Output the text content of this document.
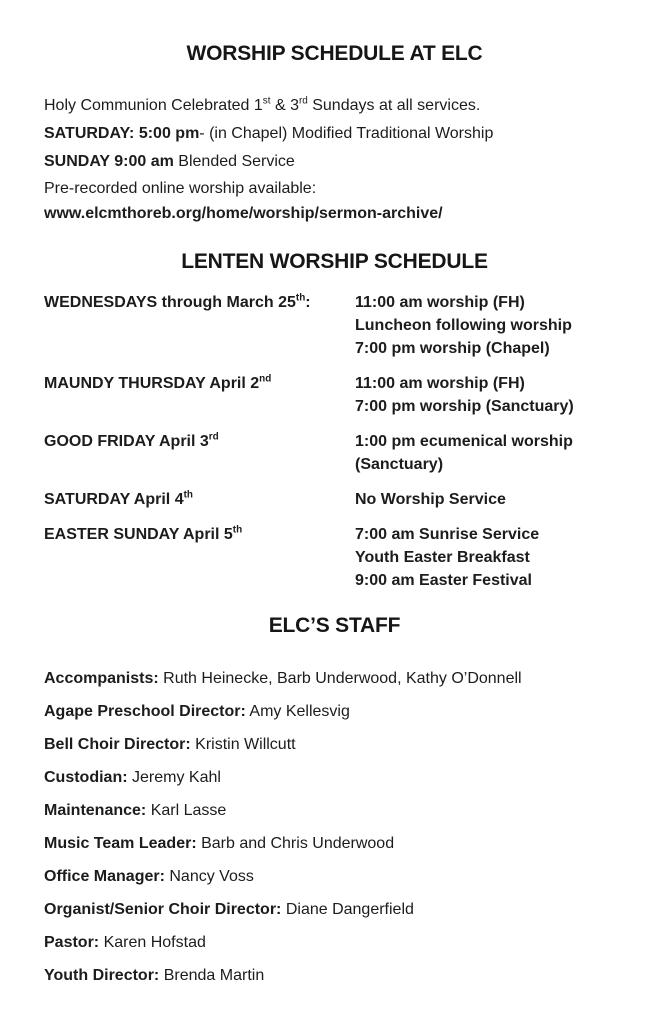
WORSHIP SCHEDULE AT ELC

Holy Communion Celebrated 1st & 3rd Sundays at all services.

SATURDAY: 5:00 pm- (in Chapel) Modified Traditional Worship

SUNDAY 9:00 am Blended Service

Pre-recorded online worship available:

www.elcmthoreb.org/home/worship/sermon-archive/

LENTEN WORSHIP SCHEDULE
WEDNESDAYS through March 25th:	11:00 am worship (FH)
Luncheon following worship
7:00 pm worship (Chapel)
MAUNDY THURSDAY April 2nd	11:00 am worship (FH)
7:00 pm worship (Sanctuary)
GOOD FRIDAY April 3rd	1:00 pm ecumenical worship
(Sanctuary)
SATURDAY April 4th	No Worship Service
EASTER SUNDAY April 5th	7:00 am Sunrise Service
Youth Easter Breakfast
9:00 am Easter Festival
ELC’S STAFF

Accompanists: Ruth Heinecke, Barb Underwood, Kathy O’Donnell

Agape Preschool Director: Amy Kellesvig

Bell Choir Director: Kristin Willcutt

Custodian: Jeremy Kahl

Maintenance: Karl Lasse

Music Team Leader: Barb and Chris Underwood

Office Manager: Nancy Voss

Organist/Senior Choir Director: Diane Dangerfield

Pastor: Karen Hofstad

Youth Director: Brenda Martin
